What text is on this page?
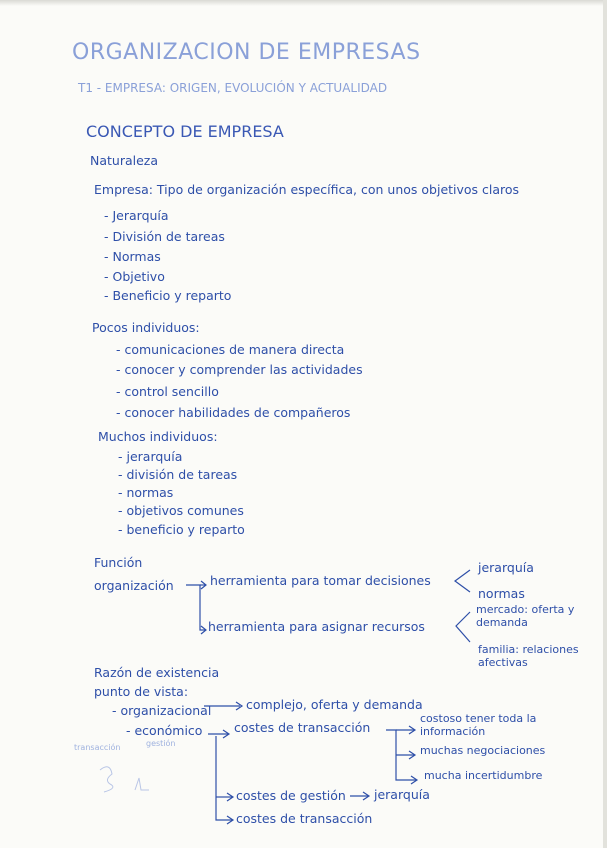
ORGANIZACION DE EMPRESAS
T1 - EMPRESA: ORIGEN, EVOLUCIÓN Y ACTUALIDAD
CONCEPTO DE EMPRESA
Naturaleza
Empresa: Tipo de organización específica, con unos objetivos claros
- Jerarquía
- División de tareas
- Normas
- Objetivo
- Beneficio y reparto
Pocos individuos:
- comunicaciones de manera directa
- conocer y comprender las actividades
- control sencillo
- conocer habilidades de compañeros
Muchos individuos:
- jerarquía
- división de tareas
- normas
- objetivos comunes
- beneficio y reparto
Función
organización	herramienta para tomar decisiones
jerarquía
normas
herramienta para asignar recursos
mercado: oferta y demanda
familia: relaciones afectivas
Razón de existencia
punto de vista:
- organizacional	complejo, oferta y demanda
- económico	costes de transacción
costoso tener toda la información
muchas negociaciones
mucha incertidumbre
costes de gestión jerarquía
costes de transacción
transacción	gestión
